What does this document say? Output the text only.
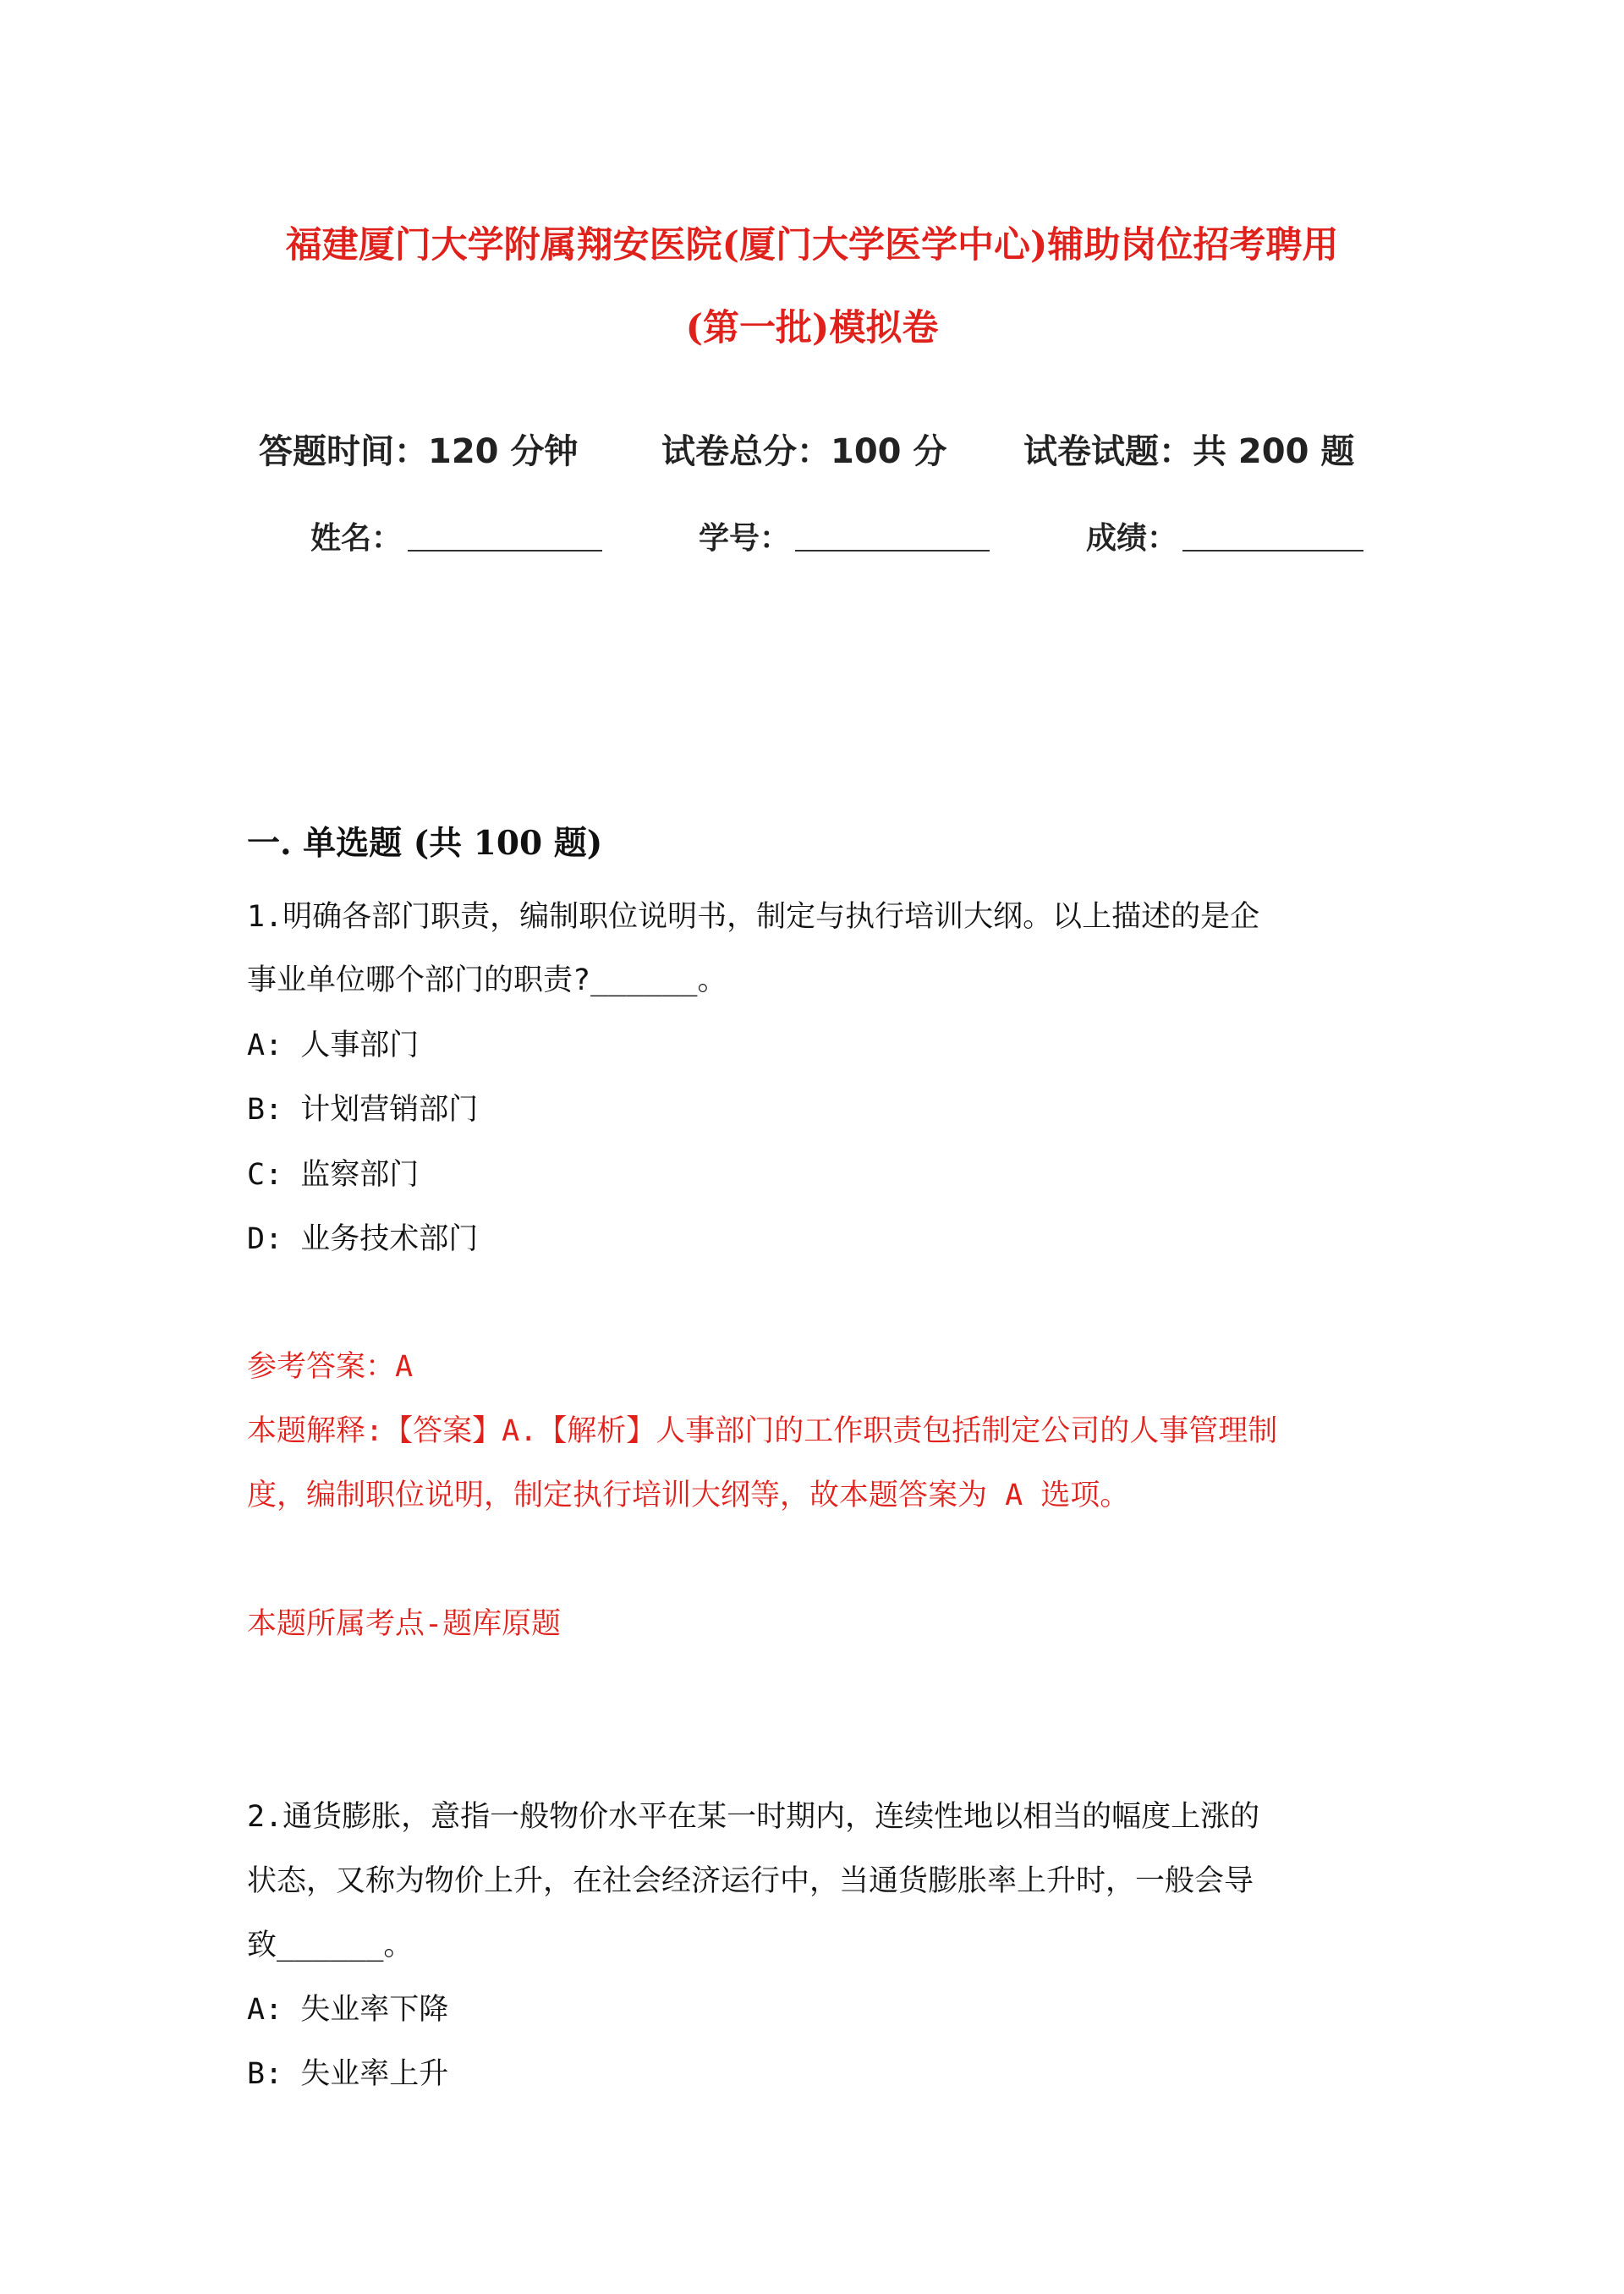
福建厦门大学附属翔安医院(厦门大学医学中心)辅助岗位招考聘用
(第一批)模拟卷
答题时间：120 分钟 试卷总分：100 分 试卷试题：共 200 题
姓名：	学号：	成绩：
一. 单选题 (共 100 题)
1.明确各部门职责，编制职位说明书，制定与执行培训大纲。以上描述的是企
事业单位哪个部门的职责?______。
A: 人事部门
B: 计划营销部门
C: 监察部门
D: 业务技术部门
参考答案：A
本题解释:【答案】A.【解析】人事部门的工作职责包括制定公司的人事管理制
度，编制职位说明，制定执行培训大纲等，故本题答案为 A 选项。
本题所属考点-题库原题
2.通货膨胀，意指一般物价水平在某一时期内，连续性地以相当的幅度上涨的
状态，又称为物价上升，在社会经济运行中，当通货膨胀率上升时，一般会导
致______。
A: 失业率下降
B: 失业率上升
